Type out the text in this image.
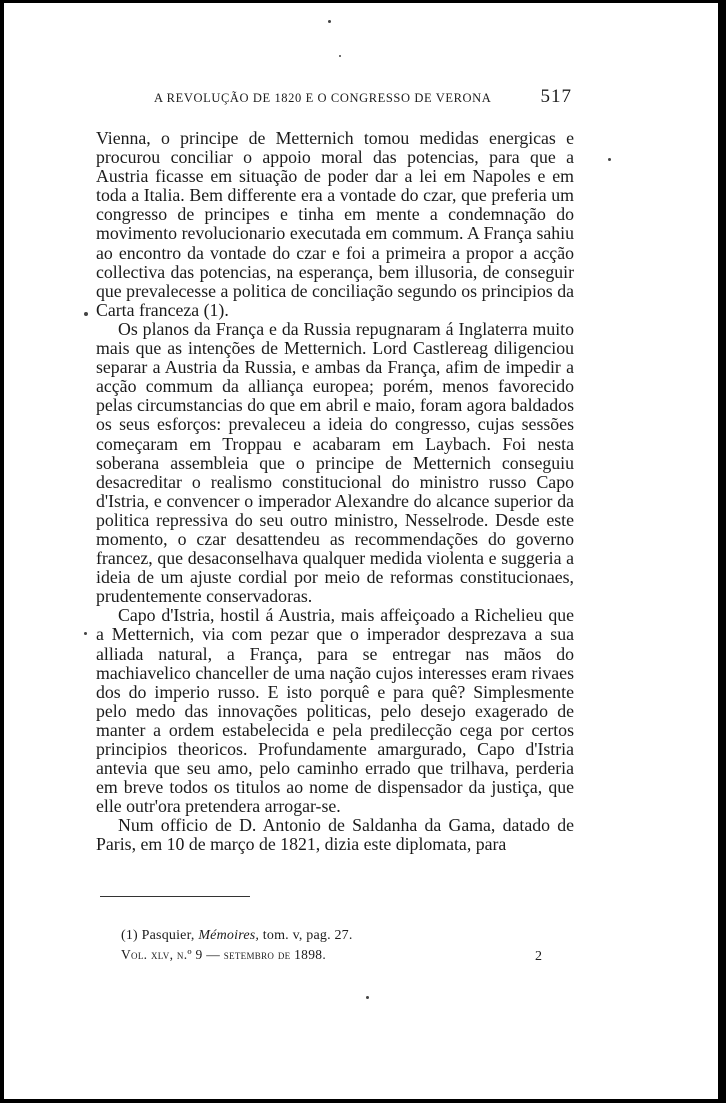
A REVOLUÇÃO DE 1820 E O CONGRESSO DE VERONA	517

Vienna, o principe de Metternich tomou medidas energicas e procurou conciliar o appoio moral das potencias, para que a Austria ficasse em situação de poder dar a lei em Napoles e em toda a Italia. Bem differente era a vontade do czar, que preferia um congresso de principes e tinha em mente a condemnação do movimento revolucionario executada em commum. A França sahiu ao encontro da vontade do czar e foi a primeira a propor a acção collectiva das potencias, na esperança, bem illusoria, de conseguir que prevalecesse a politica de conciliação segundo os principios da Carta franceza (1).

Os planos da França e da Russia repugnaram á Inglaterra muito mais que as intenções de Metternich. Lord Castlereag diligenciou separar a Austria da Russia, e ambas da França, afim de impedir a acção commum da alliança europea; porém, menos favorecido pelas circumstancias do que em abril e maio, foram agora baldados os seus esforços: prevaleceu a ideia do congresso, cujas sessões começaram em Troppau e acabaram em Laybach. Foi nesta soberana assembleia que o principe de Metternich conseguiu desacreditar o realismo constitucional do ministro russo Capo d'Istria, e convencer o imperador Alexandre do alcance superior da politica repressiva do seu outro ministro, Nesselrode. Desde este momento, o czar desattendeu as recommendações do governo francez, que desaconselhava qualquer medida violenta e suggeria a ideia de um ajuste cordial por meio de reformas constitucionaes, prudentemente conservadoras.

Capo d'Istria, hostil á Austria, mais affeiçoado a Richelieu que a Metternich, via com pezar que o imperador desprezava a sua alliada natural, a França, para se entregar nas mãos do machiavelico chanceller de uma nação cujos interesses eram rivaes dos do imperio russo. E isto porquê e para quê? Simplesmente pelo medo das innovações politicas, pelo desejo exagerado de manter a ordem estabelecida e pela predilecção cega por certos principios theoricos. Profundamente amargurado, Capo d'Istria antevia que seu amo, pelo caminho errado que trilhava, perderia em breve todos os titulos ao nome de dispensador da justiça, que elle outr'ora pretendera arrogar-se.

Num officio de D. Antonio de Saldanha da Gama, datado de Paris, em 10 de março de 1821, dizia este diplomata, para

(1) Pasquier, Mémoires, tom. v, pag. 27.
Vol. xlv, n.º 9 — setembro de 1898.	2
